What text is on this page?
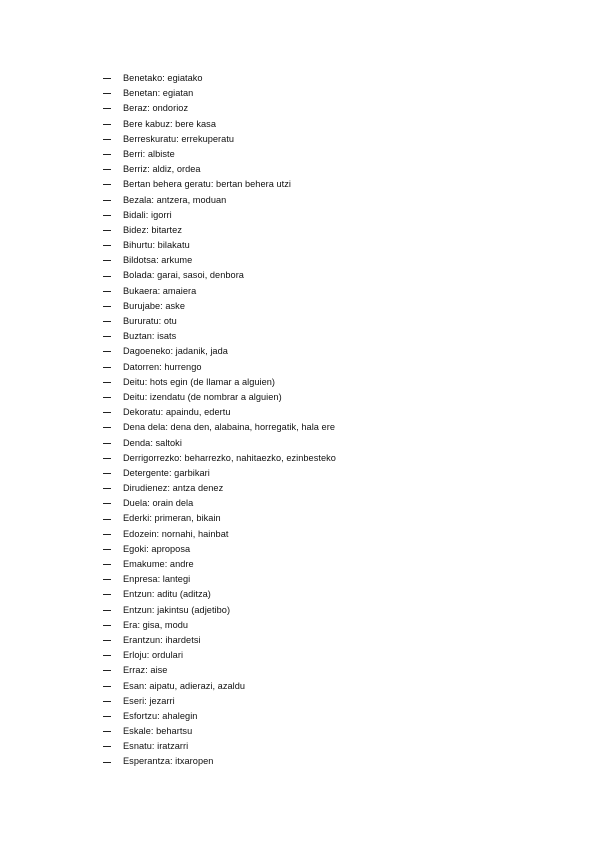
Benetako: egiatako
Benetan: egiatan
Beraz: ondorioz
Bere kabuz: bere kasa
Berreskuratu: errekuperatu
Berri: albiste
Berriz: aldiz, ordea
Bertan behera geratu: bertan behera utzi
Bezala: antzera, moduan
Bidali: igorri
Bidez: bitartez
Bihurtu: bilakatu
Bildotsa: arkume
Bolada: garai, sasoi, denbora
Bukaera: amaiera
Burujabe: aske
Bururatu: otu
Buztan: isats
Dagoeneko: jadanik, jada
Datorren: hurrengo
Deitu: hots egin (de llamar a alguien)
Deitu: izendatu (de nombrar a alguien)
Dekoratu: apaindu, edertu
Dena dela: dena den, alabaina, horregatik, hala ere
Denda: saltoki
Derrigorrezko: beharrezko, nahitaezko, ezinbesteko
Detergente: garbikari
Dirudienez: antza denez
Duela: orain dela
Ederki: primeran, bikain
Edozein: nornahi, hainbat
Egoki: aproposa
Emakume: andre
Enpresa: lantegi
Entzun: aditu (aditza)
Entzun: jakintsu (adjetibo)
Era: gisa, modu
Erantzun: ihardetsi
Erloju: ordulari
Erraz: aise
Esan: aipatu, adierazi, azaldu
Eseri: jezarri
Esfortzu: ahalegin
Eskale: behartsu
Esnatu: iratzarri
Esperantza: itxaropen
